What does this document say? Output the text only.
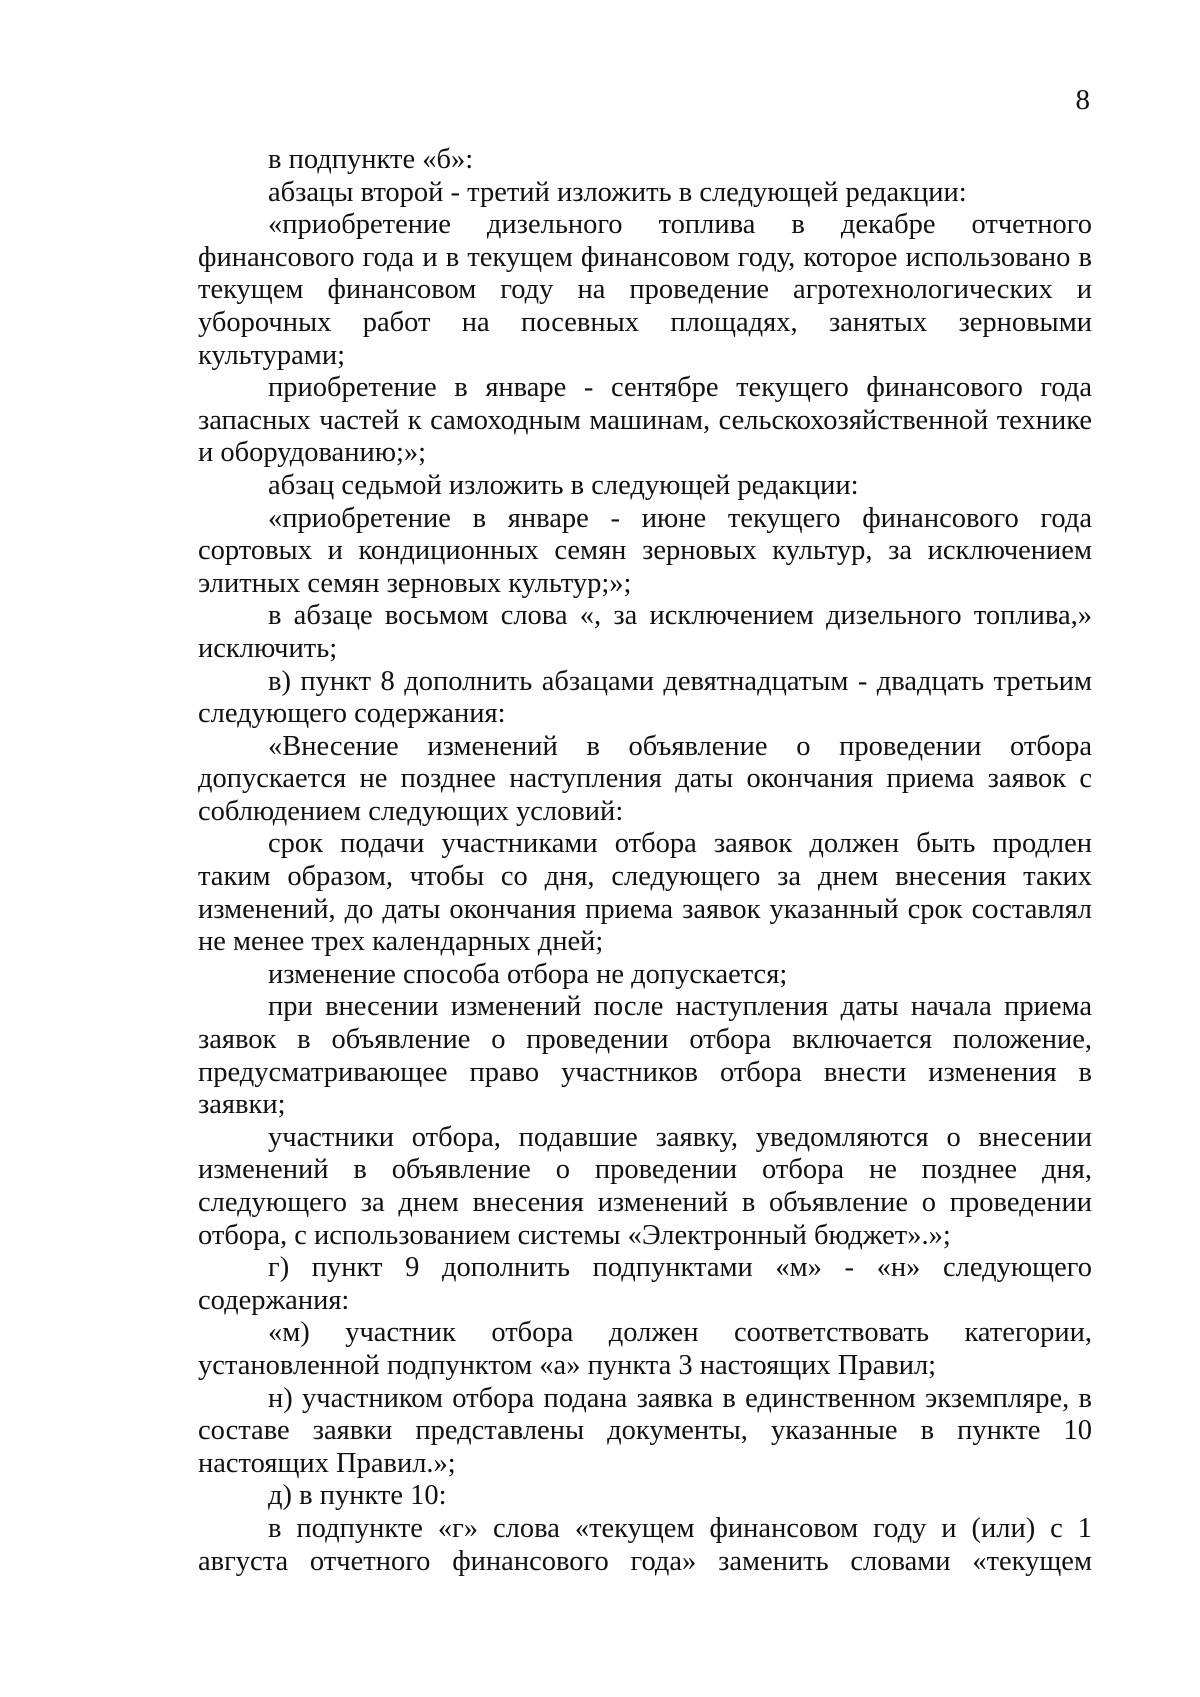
8

в подпункте «б»:

абзацы второй - третий изложить в следующей редакции:

«приобретение дизельного топлива в декабре отчетного финансового года и в текущем финансовом году, которое использовано в текущем финансовом году на проведение агротехнологических и уборочных работ на посевных площадях, занятых зерновыми культурами;

приобретение в январе - сентябре текущего финансового года запасных частей к самоходным машинам, сельскохозяйственной технике и оборудованию;»;

абзац седьмой изложить в следующей редакции:

«приобретение в январе - июне текущего финансового года сортовых и кондиционных семян зерновых культур, за исключением элитных семян зерновых культур;»;

в абзаце восьмом слова «, за исключением дизельного топлива,» исключить;

в) пункт 8 дополнить абзацами девятнадцатым - двадцать третьим следующего содержания:

«Внесение изменений в объявление о проведении отбора допускается не позднее наступления даты окончания приема заявок с соблюдением следующих условий:

срок подачи участниками отбора заявок должен быть продлен таким образом, чтобы со дня, следующего за днем внесения таких изменений, до даты окончания приема заявок указанный срок составлял не менее трех календарных дней;

изменение способа отбора не допускается;

при внесении изменений после наступления даты начала приема заявок в объявление о проведении отбора включается положение, предусматривающее право участников отбора внести изменения в заявки;

участники отбора, подавшие заявку, уведомляются о внесении изменений в объявление о проведении отбора не позднее дня, следующего за днем внесения изменений в объявление о проведении отбора, с использованием системы «Электронный бюджет».»;

г) пункт 9 дополнить подпунктами «м» - «н» следующего содержания:

«м) участник отбора должен соответствовать категории, установленной подпунктом «а» пункта 3 настоящих Правил;

н) участником отбора подана заявка в единственном экземпляре, в составе заявки представлены документы, указанные в пункте 10 настоящих Правил.»;

д) в пункте 10:

в подпункте «г» слова «текущем финансовом году и (или) с 1 августа отчетного финансового года» заменить словами «текущем
